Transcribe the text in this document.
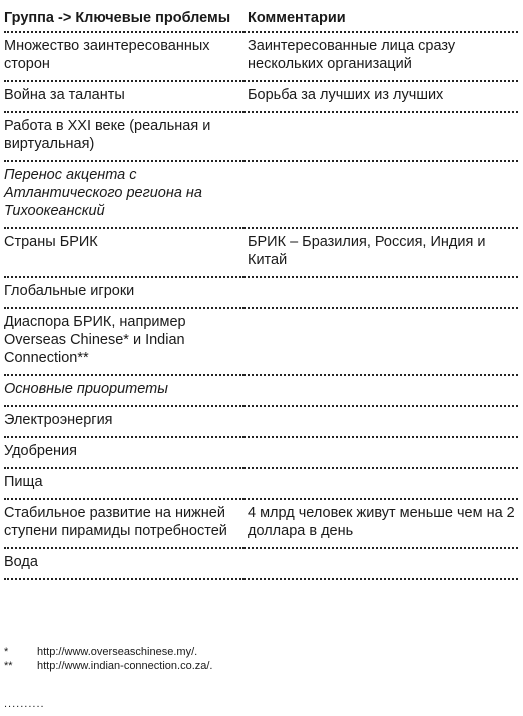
Группа -> Ключевые проблемы	Комментарии
Множество заинтересованных сторон	Заинтересованные лица сразу нескольких организаций
Война за таланты	Борьба за лучших из лучших
Работа в XXI веке (реальная и виртуальная)	
Перенос акцента с Атлантического региона на Тихоокеанский	
Страны БРИК	БРИК – Бразилия, Россия, Индия и Китай
Глобальные игроки	
Диаспора БРИК, например Overseas Chinese* и Indian Connection**	
Основные приоритеты	
Электроэнергия	
Удобрения	
Пища	
Стабильное развитие на нижней ступени пирамиды потребностей	4 млрд человек живут меньше чем на 2 доллара в день
Вода	
*	http://www.overseaschinese.my/.
**	http://www.indian-connection.co.za/.
..........
